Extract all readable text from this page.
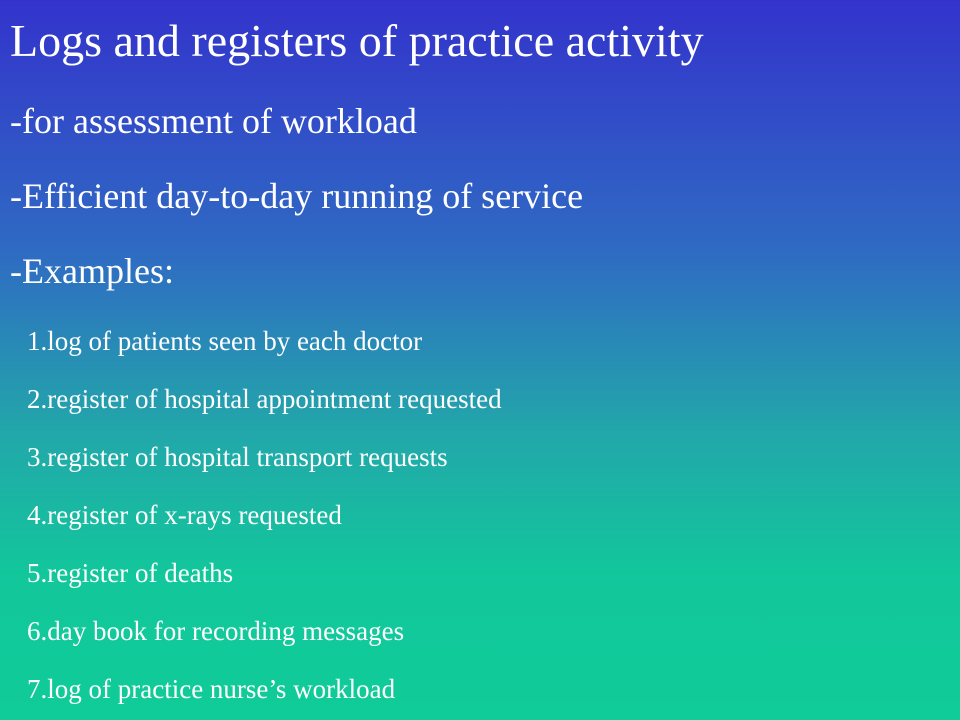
Logs and registers of practice activity
-for assessment of workload
-Efficient day-to-day running of service
-Examples:
1.log of patients seen by each doctor
2.register of hospital appointment requested
3.register of hospital transport requests
4.register of x-rays requested
5.register of deaths
6.day book for recording messages
7.log of practice nurse’s workload
